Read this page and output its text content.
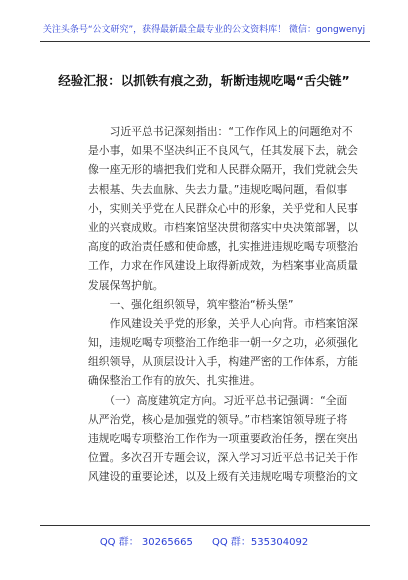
关注头条号“公文研究”，获得最新最全最专业的公文资料库！ 微信：gongwenyj
经验汇报：以抓铁有痕之劲，斩断违规吃喝“舌尖链”
　　习近平总书记深刻指出：“工作作风上的问题绝对不
是小事，如果不坚决纠正不良风气，任其发展下去，就会
像一座无形的墙把我们党和人民群众隔开，我们党就会失
去根基、失去血脉、失去力量。”违规吃喝问题，看似事
小，实则关乎党在人民群众心中的形象，关乎党和人民事
业的兴衰成败。市档案馆坚决贯彻落实中央决策部署，以
高度的政治责任感和使命感，扎实推进违规吃喝专项整治
工作，力求在作风建设上取得新成效，为档案事业高质量
发展保驾护航。
　　一、强化组织领导，筑牢整治“桥头堡”
　　作风建设关乎党的形象，关乎人心向背。市档案馆深
知，违规吃喝专项整治工作绝非一朝一夕之功，必须强化
组织领导，从顶层设计入手，构建严密的工作体系，方能
确保整治工作有的放矢、扎实推进。
　　（一）高度建筑定方向。习近平总书记强调：“全面
从严治党，核心是加强党的领导。”市档案馆领导班子将
违规吃喝专项整治工作作为一项重要政治任务，摆在突出
位置。多次召开专题会议，深入学习习近平总书记关于作
风建设的重要论述，以及上级有关违规吃喝专项整治的文
QQ 群： 30265665 QQ 群：535304092
